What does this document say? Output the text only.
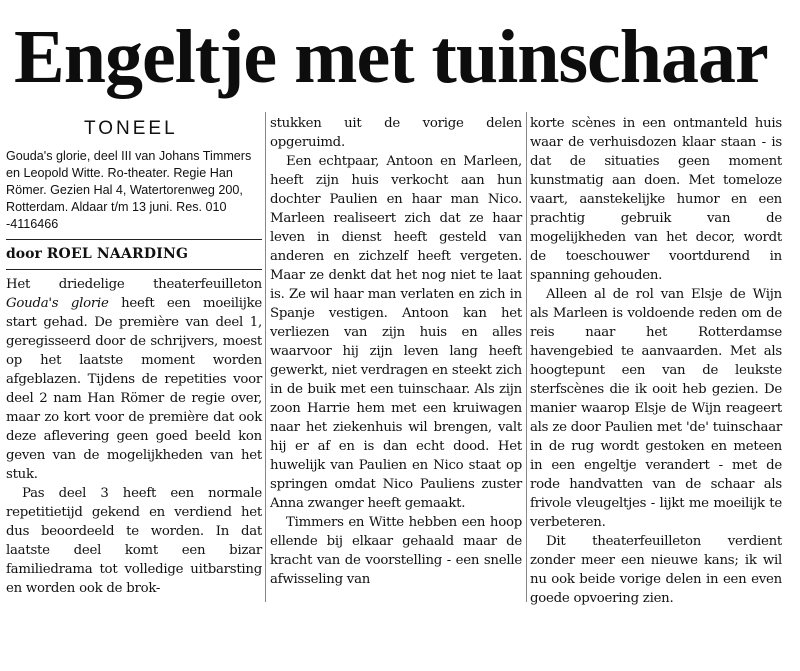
Engeltje met tuinschaar
TONEEL

Gouda's glorie, deel III van Johans Timmers en Leopold Witte. Ro-theater. Regie Han Römer. Gezien Hal 4, Watertorenweg 200, Rotterdam. Aldaar t/m 13 juni. Res. 010 -4116466

door ROEL NAARDING

Het driedelige theaterfeuilleton Gouda's glorie heeft een moeilijke start gehad. De première van deel 1, geregisseerd door de schrijvers, moest op het laatste moment worden afgeblazen. Tijdens de repetities voor deel 2 nam Han Römer de regie over, maar zo kort voor de première dat ook deze aflevering geen goed beeld kon geven van de mogelijkheden van het stuk.

Pas deel 3 heeft een normale repetitietijd gekend en verdiend het dus beoordeeld te worden. In dat laatste deel komt een bizar familiedrama tot volledige uitbarsting en worden ook de brok-

stukken uit de vorige delen opgeruimd.

Een echtpaar, Antoon en Marleen, heeft zijn huis verkocht aan hun dochter Paulien en haar man Nico. Marleen realiseert zich dat ze haar leven in dienst heeft gesteld van anderen en zichzelf heeft vergeten. Maar ze denkt dat het nog niet te laat is. Ze wil haar man verlaten en zich in Spanje vestigen. Antoon kan het verliezen van zijn huis en alles waarvoor hij zijn leven lang heeft gewerkt, niet verdragen en steekt zich in de buik met een tuinschaar. Als zijn zoon Harrie hem met een kruiwagen naar het ziekenhuis wil brengen, valt hij er af en is dan echt dood. Het huwelijk van Paulien en Nico staat op springen omdat Nico Pauliens zuster Anna zwanger heeft gemaakt.

Timmers en Witte hebben een hoop ellende bij elkaar gehaald maar de kracht van de voorstelling - een snelle afwisseling van

korte scènes in een ontmanteld huis waar de verhuisdozen klaar staan - is dat de situaties geen moment kunstmatig aan doen. Met tomeloze vaart, aanstekelijke humor en een prachtig gebruik van de mogelijkheden van het decor, wordt de toeschouwer voortdurend in spanning gehouden.

Alleen al de rol van Elsje de Wijn als Marleen is voldoende reden om de reis naar het Rotterdamse havengebied te aanvaarden. Met als hoogtepunt een van de leukste sterfscènes die ik ooit heb gezien. De manier waarop Elsje de Wijn reageert als ze door Paulien met 'de' tuinschaar in de rug wordt gestoken en meteen in een engeltje verandert - met de rode handvatten van de schaar als frivole vleugeltjes - lijkt me moeilijk te verbeteren.

Dit theaterfeuilleton verdient zonder meer een nieuwe kans; ik wil nu ook beide vorige delen in een even goede opvoering zien.
